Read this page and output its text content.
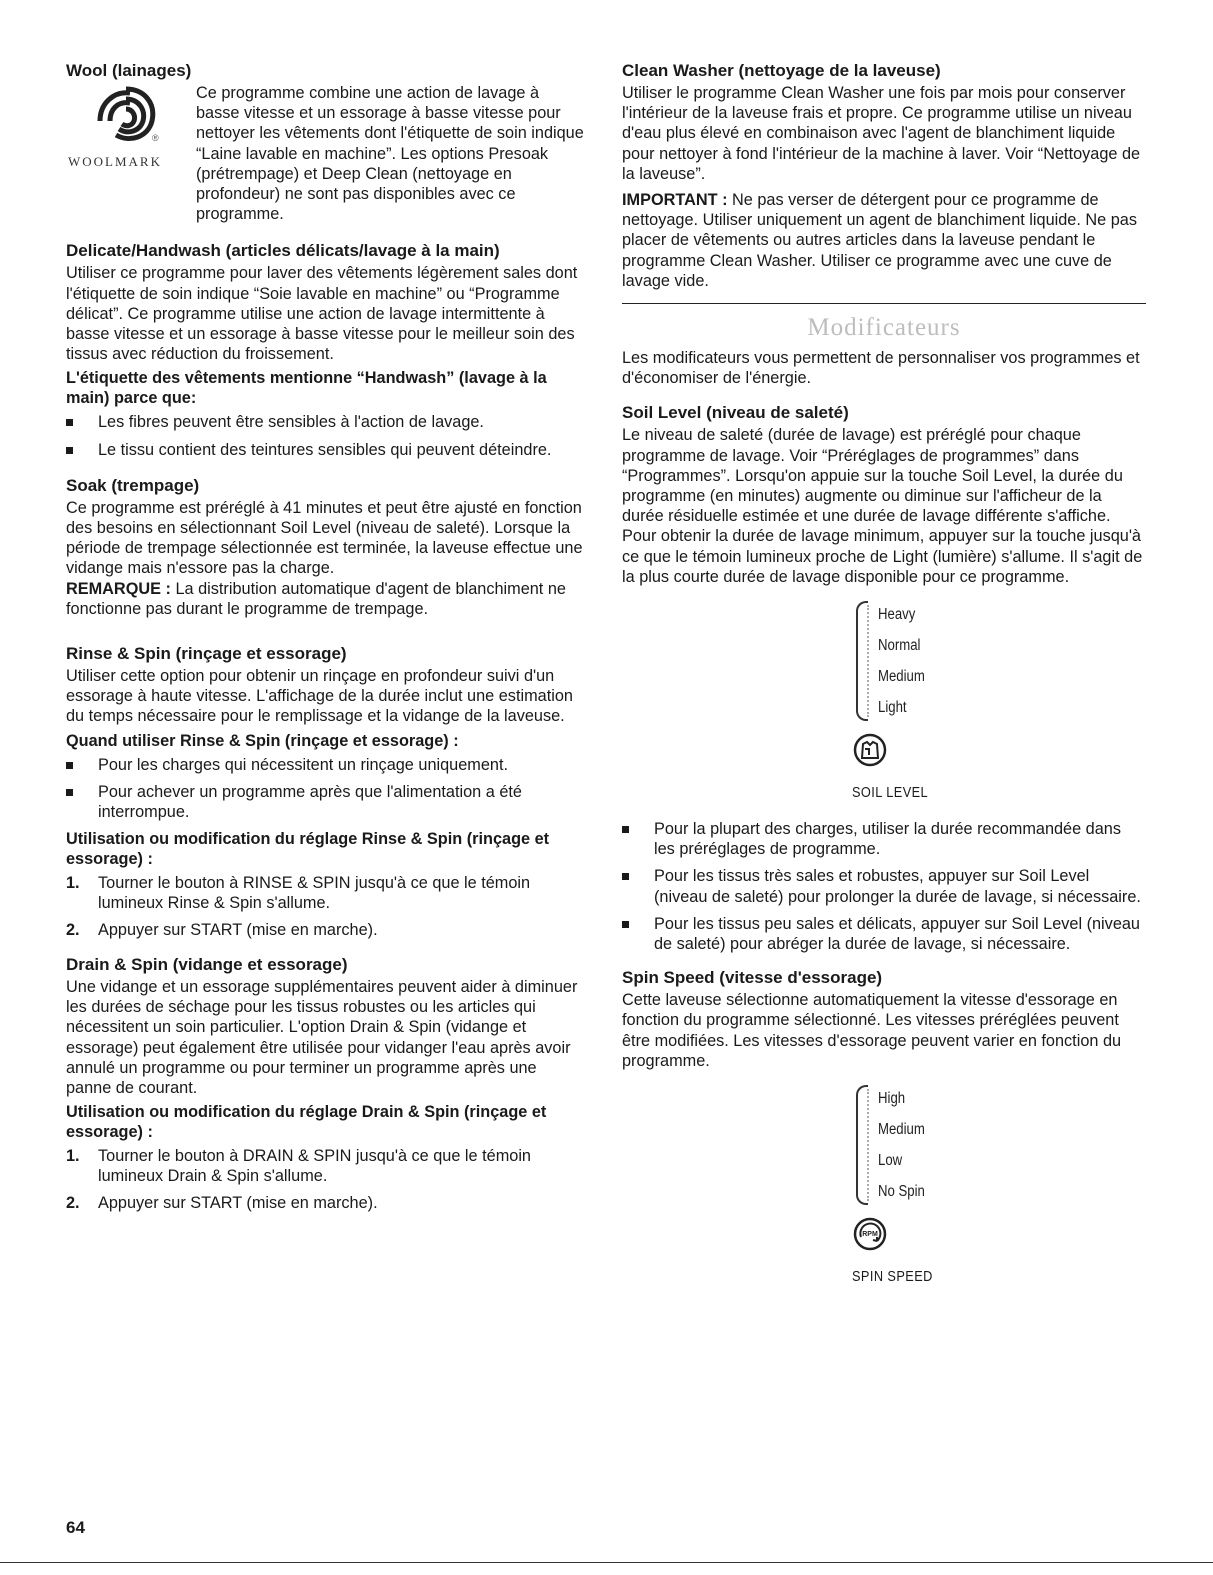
Wool (lainages)
®
WOOLMARK

Ce programme combine une action de lavage à basse vitesse et un essorage à basse vitesse pour nettoyer les vêtements dont l'étiquette de soin indique “Laine lavable en machine”. Les options Presoak (prétrempage) et Deep Clean (nettoyage en profondeur) ne sont pas disponibles avec ce programme.

Delicate/Handwash (articles délicats/lavage à la main)

Utiliser ce programme pour laver des vêtements légèrement sales dont l'étiquette de soin indique “Soie lavable en machine” ou “Programme délicat”. Ce programme utilise une action de lavage intermittente à basse vitesse et un essorage à basse vitesse pour le meilleur soin des tissus avec réduction du froissement.

L'étiquette des vêtements mentionne “Handwash” (lavage à la main) parce que:
Les fibres peuvent être sensibles à l'action de lavage.
Le tissu contient des teintures sensibles qui peuvent déteindre.
Soak (trempage)

Ce programme est préréglé à 41 minutes et peut être ajusté en fonction des besoins en sélectionnant Soil Level (niveau de saleté). Lorsque la période de trempage sélectionnée est terminée, la laveuse effectue une vidange mais n'essore pas la charge.

REMARQUE : La distribution automatique d'agent de blanchiment ne fonctionne pas durant le programme de trempage.

Rinse & Spin (rinçage et essorage)

Utiliser cette option pour obtenir un rinçage en profondeur suivi d'un essorage à haute vitesse. L'affichage de la durée inclut une estimation du temps nécessaire pour le remplissage et la vidange de la laveuse.

Quand utiliser Rinse & Spin (rinçage et essorage) :
Pour les charges qui nécessitent un rinçage uniquement.
Pour achever un programme après que l'alimentation a été interrompue.
Utilisation ou modification du réglage Rinse & Spin (rinçage et essorage) :
1. Tourner le bouton à RINSE & SPIN jusqu'à ce que le témoin lumineux Rinse & Spin s'allume.
2. Appuyer sur START (mise en marche).
Drain & Spin (vidange et essorage)

Une vidange et un essorage supplémentaires peuvent aider à diminuer les durées de séchage pour les tissus robustes ou les articles qui nécessitent un soin particulier. L'option Drain & Spin (vidange et essorage) peut également être utilisée pour vidanger l'eau après avoir annulé un programme ou pour terminer un programme après une panne de courant.

Utilisation ou modification du réglage Drain & Spin (rinçage et essorage) :
1. Tourner le bouton à DRAIN & SPIN jusqu'à ce que le témoin lumineux Drain & Spin s'allume.
2. Appuyer sur START (mise en marche).
Clean Washer (nettoyage de la laveuse)

Utiliser le programme Clean Washer une fois par mois pour conserver l'intérieur de la laveuse frais et propre. Ce programme utilise un niveau d'eau plus élevé en combinaison avec l'agent de blanchiment liquide pour nettoyer à fond l'intérieur de la machine à laver. Voir “Nettoyage de la laveuse”.

IMPORTANT : Ne pas verser de détergent pour ce programme de nettoyage. Utiliser uniquement un agent de blanchiment liquide. Ne pas placer de vêtements ou autres articles dans la laveuse pendant le programme Clean Washer. Utiliser ce programme avec une cuve de lavage vide.

Modificateurs

Les modificateurs vous permettent de personnaliser vos programmes et d'économiser de l'énergie.

Soil Level (niveau de saleté)

Le niveau de saleté (durée de lavage) est préréglé pour chaque programme de lavage. Voir “Préréglages de programmes” dans “Programmes”. Lorsqu'on appuie sur la touche Soil Level, la durée du programme (en minutes) augmente ou diminue sur l'afficheur de la durée résiduelle estimée et une durée de lavage différente s'affiche. Pour obtenir la durée de lavage minimum, appuyer sur la touche jusqu'à ce que le témoin lumineux proche de Light (lumière) s'allume. Il s'agit de la plus courte durée de lavage disponible pour ce programme.

Heavy
Normal
Medium
Light
SOIL LEVEL
Pour la plupart des charges, utiliser la durée recommandée dans les préréglages de programme.
Pour les tissus très sales et robustes, appuyer sur Soil Level (niveau de saleté) pour prolonger la durée de lavage, si nécessaire.
Pour les tissus peu sales et délicats, appuyer sur Soil Level (niveau de saleté) pour abréger la durée de lavage, si nécessaire.
Spin Speed (vitesse d'essorage)

Cette laveuse sélectionne automatiquement la vitesse d'essorage en fonction du programme sélectionné. Les vitesses préréglées peuvent être modifiées. Les vitesses d'essorage peuvent varier en fonction du programme.

High
Medium
Low
No Spin
RPM
SPIN SPEED
64
